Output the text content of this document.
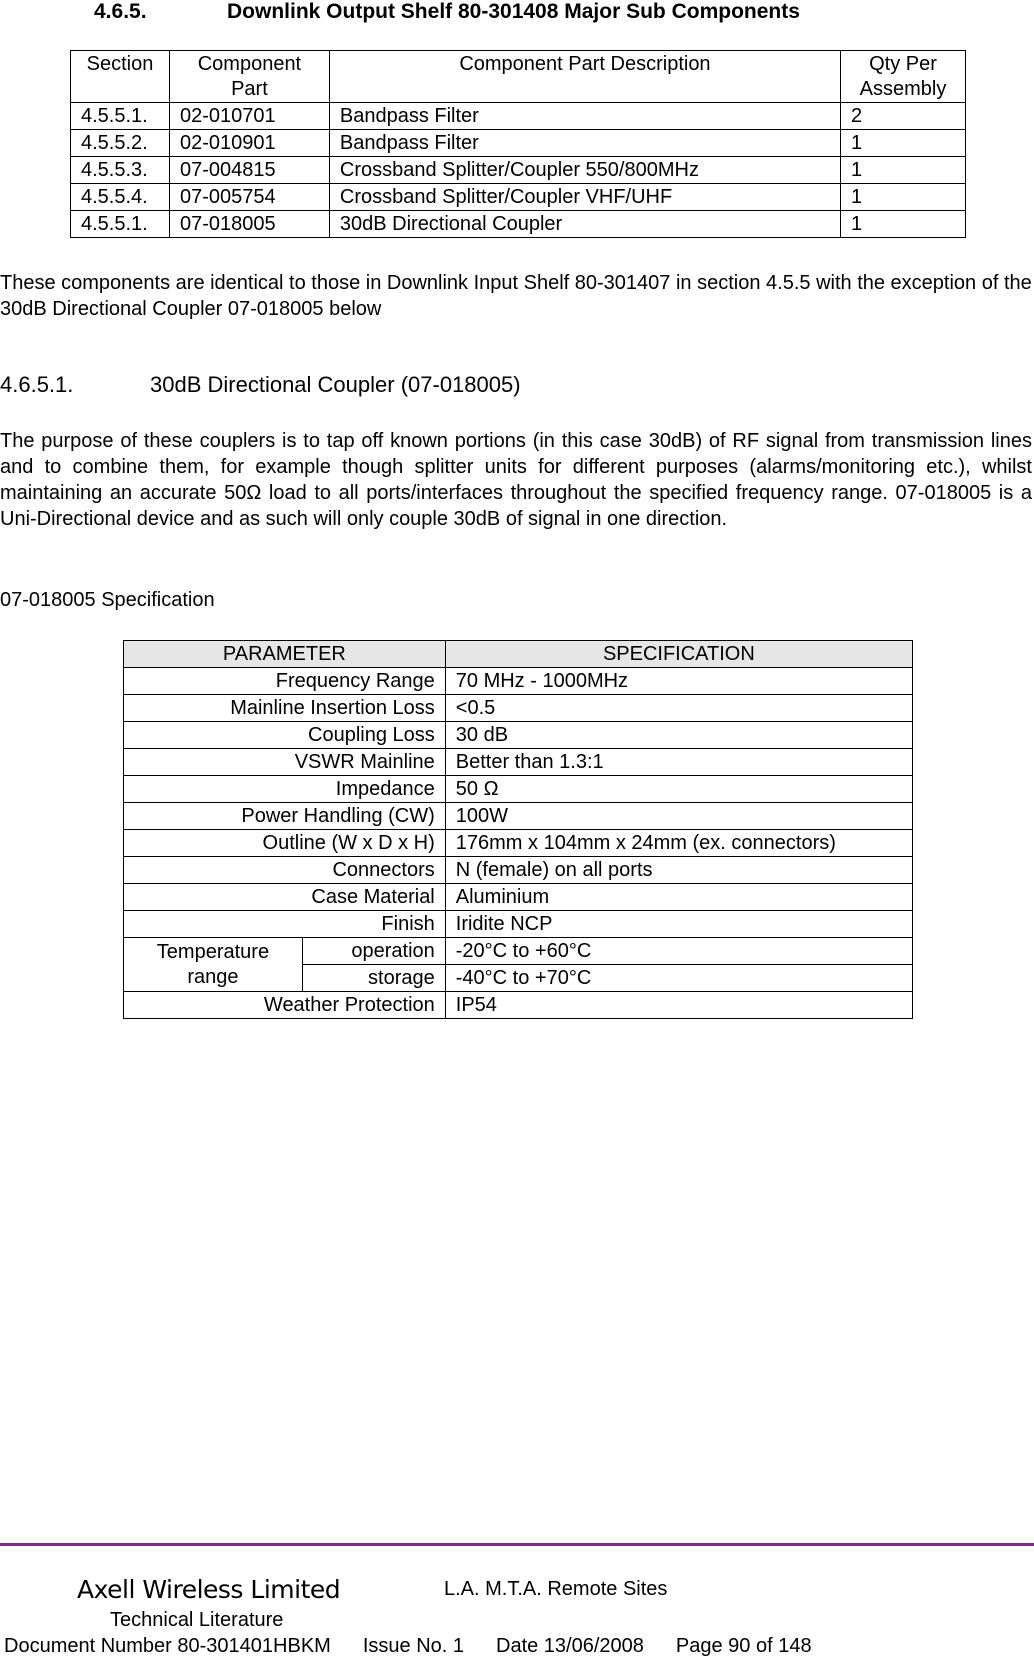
4.6.5.	Downlink Output Shelf 80-301408 Major Sub Components
Section	Component Part	Component Part Description	Qty Per Assembly
4.5.5.1.	02-010701	Bandpass Filter	2
4.5.5.2.	02-010901	Bandpass Filter	1
4.5.5.3.	07-004815	Crossband Splitter/Coupler 550/800MHz	1
4.5.5.4.	07-005754	Crossband Splitter/Coupler VHF/UHF	1
4.5.5.1.	07-018005	30dB Directional Coupler	1
These components are identical to those in Downlink Input Shelf 80-301407 in section 4.5.5 with the exception of the 30dB Directional Coupler 07-018005 below
4.6.5.1.	30dB Directional Coupler (07-018005)
The purpose of these couplers is to tap off known portions (in this case 30dB) of RF signal from transmission lines and to combine them, for example though splitter units for different purposes (alarms/monitoring etc.), whilst maintaining an accurate 50Ω load to all ports/interfaces throughout the specified frequency range. 07-018005 is a Uni-Directional device and as such will only couple 30dB of signal in one direction.
07-018005 Specification
PARAMETER		SPECIFICATION
Frequency Range		70 MHz - 1000MHz
Mainline Insertion Loss		<0.5
Coupling Loss		30 dB
VSWR Mainline		Better than 1.3:1
Impedance		50 Ω
Power Handling (CW)		100W
Outline (W x D x H)		176mm x 104mm x 24mm (ex. connectors)
Connectors		N (female) on all ports
Case Material		Aluminium
Finish		Iridite NCP
Temperature range	operation	-20°C to +60°C
	storage	-40°C to +70°C
Weather Protection		IP54
Axell Wireless Limited	L.A. M.T.A. Remote Sites
Technical Literature
Document Number 80-301401HBKM Issue No. 1 Date 13/06/2008 Page 90 of 148
